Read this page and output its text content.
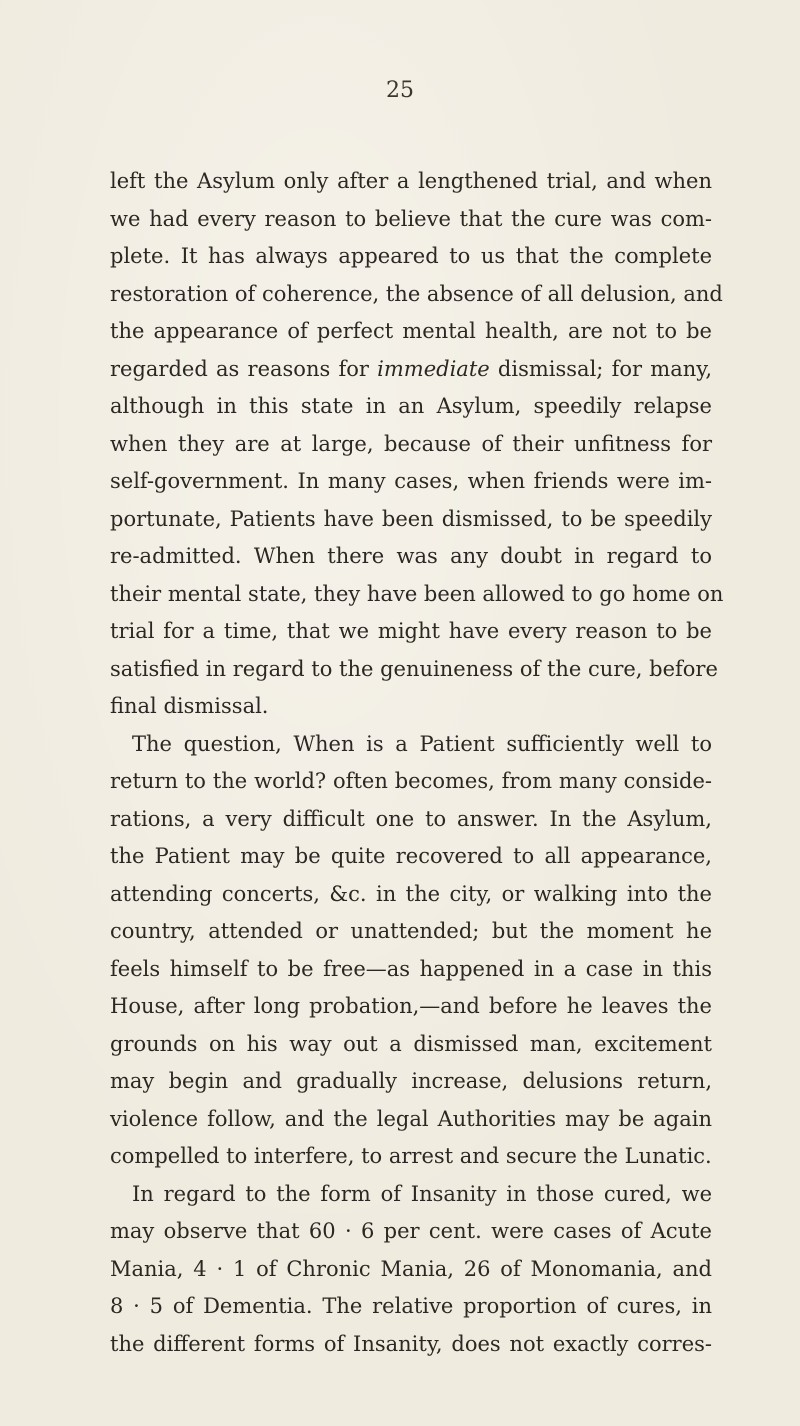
25
left the Asylum only after a lengthened trial, and when
we had every reason to believe that the cure was com-
plete. It has always appeared to us that the complete
restoration of coherence, the absence of all delusion, and
the appearance of perfect mental health, are not to be
regarded as reasons for immediate dismissal; for many,
although in this state in an Asylum, speedily relapse
when they are at large, because of their unfitness for
self-government. In many cases, when friends were im-
portunate, Patients have been dismissed, to be speedily
re-admitted. When there was any doubt in regard to
their mental state, they have been allowed to go home on
trial for a time, that we might have every reason to be
satisfied in regard to the genuineness of the cure, before
final dismissal.
The question, When is a Patient sufficiently well to
return to the world? often becomes, from many conside-
rations, a very difficult one to answer. In the Asylum,
the Patient may be quite recovered to all appearance,
attending concerts, &c. in the city, or walking into the
country, attended or unattended; but the moment he
feels himself to be free—as happened in a case in this
House, after long probation,—and before he leaves the
grounds on his way out a dismissed man, excitement
may begin and gradually increase, delusions return,
violence follow, and the legal Authorities may be again
compelled to interfere, to arrest and secure the Lunatic.
In regard to the form of Insanity in those cured, we
may observe that 60 · 6 per cent. were cases of Acute
Mania, 4 · 1 of Chronic Mania, 26 of Monomania, and
8 · 5 of Dementia. The relative proportion of cures, in
the different forms of Insanity, does not exactly corres-
